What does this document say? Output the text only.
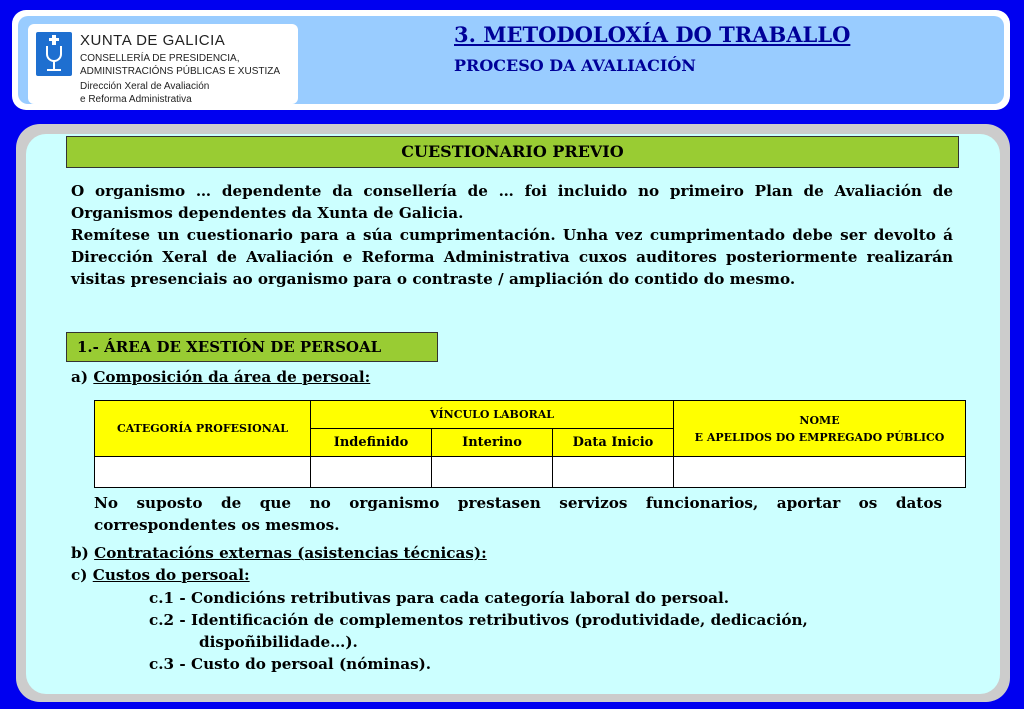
XUNTA DE GALICIA
CONSELLERÍA DE PRESIDENCIA,
ADMINISTRACIÓNS PÚBLICAS E XUSTIZA
Dirección Xeral de Avaliación
e Reforma Administrativa
3. METODOLOXÍA DO TRABALLO
PROCESO DA AVALIACIÓN
CUESTIONARIO PREVIO
O organismo … dependente da consellería de … foi incluido no primeiro Plan de Avaliación de Organismos dependentes da Xunta de Galicia.
Remítese un cuestionario para a súa cumprimentación. Unha vez cumprimentado debe ser devolto á Dirección Xeral de Avaliación e Reforma Administrativa cuxos auditores posteriormente realizarán visitas presenciais ao organismo para o contraste / ampliación do contido do mesmo.
1.- ÁREA DE XESTIÓN DE PERSOAL
a) Composición da área de persoal:
CATEGORÍA PROFESIONAL	VÍNCULO LABORAL			NOME
E APELIDOS DO EMPREGADO PÚBLICO

	Indefinido	Interino	Data Inicio	

No suposto de que no organismo prestasen servizos funcionarios, aportar os datos correspondentes os mesmos.
b) Contratacións externas (asistencias técnicas):
c) Custos do persoal:
c.1 - Condicións retributivas para cada categoría laboral do persoal.
c.2 - Identificación de complementos retributivos (produtividade, dedicación,
dispoñibilidade…).
c.3 - Custo do persoal (nóminas).
